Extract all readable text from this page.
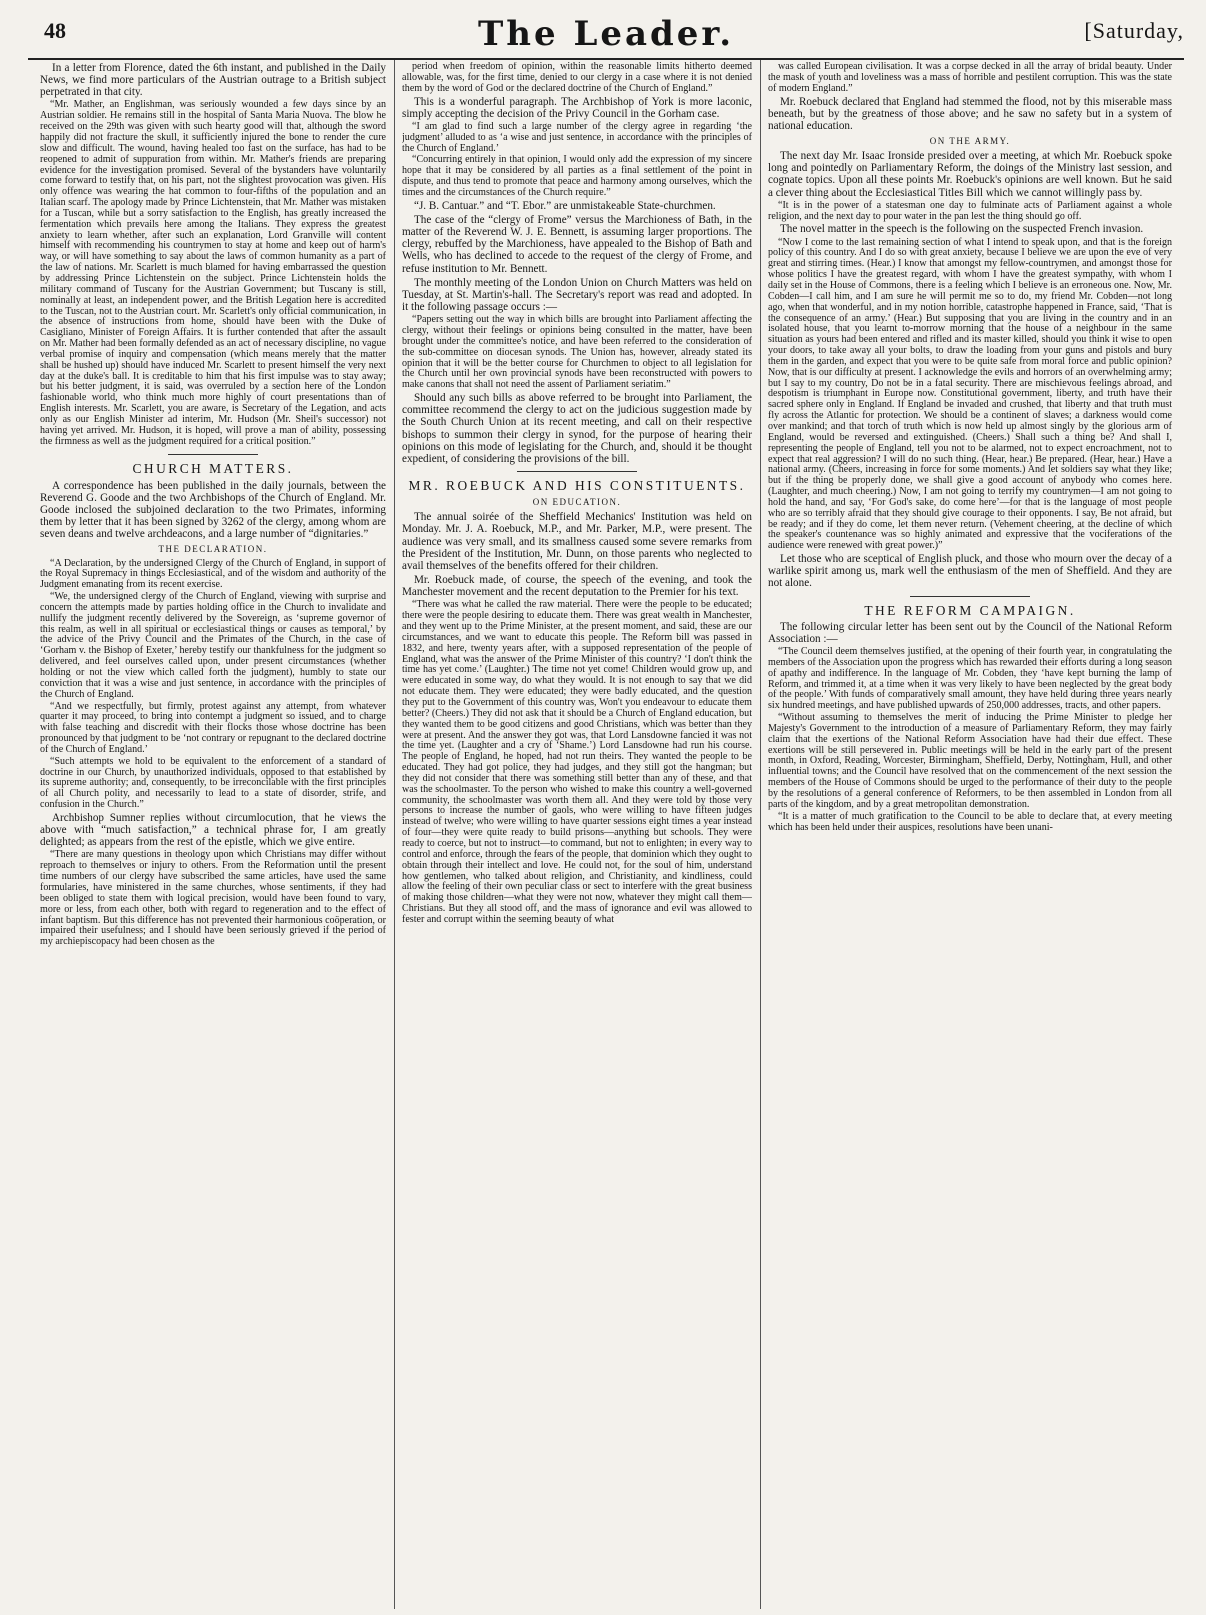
48	The Leader.	[Saturday,

In a letter from Florence, dated the 6th instant, and published in the Daily News, we find more particulars of the Austrian outrage to a British subject perpetrated in that city.

“Mr. Mather, an Englishman, was seriously wounded a few days since by an Austrian soldier. He remains still in the hospital of Santa Maria Nuova. The blow he received on the 29th was given with such hearty good will that, although the sword happily did not fracture the skull, it sufficiently injured the bone to render the cure slow and difficult. The wound, having healed too fast on the surface, has had to be reopened to admit of suppuration from within. Mr. Mather's friends are preparing evidence for the investigation promised. Several of the bystanders have voluntarily come forward to testify that, on his part, not the slightest provocation was given. His only offence was wearing the hat common to four-fifths of the population and an Italian scarf. The apology made by Prince Lichtenstein, that Mr. Mather was mistaken for a Tuscan, while but a sorry satisfaction to the English, has greatly increased the fermentation which prevails here among the Italians. They express the greatest anxiety to learn whether, after such an explanation, Lord Granville will content himself with recommending his countrymen to stay at home and keep out of harm's way, or will have something to say about the laws of common humanity as a part of the law of nations. Mr. Scarlett is much blamed for having embarrassed the question by addressing Prince Lichtenstein on the subject. Prince Lichtenstein holds the military command of Tuscany for the Austrian Government; but Tuscany is still, nominally at least, an independent power, and the British Legation here is accredited to the Tuscan, not to the Austrian court. Mr. Scarlett's only official communication, in the absence of instructions from home, should have been with the Duke of Casigliano, Minister of Foreign Affairs. It is further contended that after the assault on Mr. Mather had been formally defended as an act of necessary discipline, no vague verbal promise of inquiry and compensation (which means merely that the matter shall be hushed up) should have induced Mr. Scarlett to present himself the very next day at the duke's ball. It is creditable to him that his first impulse was to stay away; but his better judgment, it is said, was overruled by a section here of the London fashionable world, who think much more highly of court presentations than of English interests. Mr. Scarlett, you are aware, is Secretary of the Legation, and acts only as our English Minister ad interim, Mr. Hudson (Mr. Sheil's successor) not having yet arrived. Mr. Hudson, it is hoped, will prove a man of ability, possessing the firmness as well as the judgment required for a critical position.”

CHURCH MATTERS.

A correspondence has been published in the daily journals, between the Reverend G. Goode and the two Archbishops of the Church of England. Mr. Goode inclosed the subjoined declaration to the two Primates, informing them by letter that it has been signed by 3262 of the clergy, among whom are seven deans and twelve archdeacons, and a large number of “dignitaries.”

THE DECLARATION.

“A Declaration, by the undersigned Clergy of the Church of England, in support of the Royal Supremacy in things Ecclesiastical, and of the wisdom and authority of the Judgment emanating from its recent exercise.

“We, the undersigned clergy of the Church of England, viewing with surprise and concern the attempts made by parties holding office in the Church to invalidate and nullify the judgment recently delivered by the Sovereign, as ‘supreme governor of this realm, as well in all spiritual or ecclesiastical things or causes as temporal,’ by the advice of the Privy Council and the Primates of the Church, in the case of ‘Gorham v. the Bishop of Exeter,’ hereby testify our thankfulness for the judgment so delivered, and feel ourselves called upon, under present circumstances (whether holding or not the view which called forth the judgment), humbly to state our conviction that it was a wise and just sentence, in accordance with the principles of the Church of England.

“And we respectfully, but firmly, protest against any attempt, from whatever quarter it may proceed, to bring into contempt a judgment so issued, and to charge with false teaching and discredit with their flocks those whose doctrine has been pronounced by that judgment to be ‘not contrary or repugnant to the declared doctrine of the Church of England.’

“Such attempts we hold to be equivalent to the enforcement of a standard of doctrine in our Church, by unauthorized individuals, opposed to that established by its supreme authority; and, consequently, to be irreconcilable with the first principles of all Church polity, and necessarily to lead to a state of disorder, strife, and confusion in the Church.”

Archbishop Sumner replies without circumlocution, that he views the above with “much satisfaction,” a technical phrase for, I am greatly delighted; as appears from the rest of the epistle, which we give entire.

“There are many questions in theology upon which Christians may differ without reproach to themselves or injury to others. From the Reformation until the present time numbers of our clergy have subscribed the same articles, have used the same formularies, have ministered in the same churches, whose sentiments, if they had been obliged to state them with logical precision, would have been found to vary, more or less, from each other, both with regard to regeneration and to the effect of infant baptism. But this difference has not prevented their harmonious coöperation, or impaired their usefulness; and I should have been seriously grieved if the period of my archiepiscopacy had been chosen as the

period when freedom of opinion, within the reasonable limits hitherto deemed allowable, was, for the first time, denied to our clergy in a case where it is not denied them by the word of God or the declared doctrine of the Church of England.”

This is a wonderful paragraph. The Archbishop of York is more laconic, simply accepting the decision of the Privy Council in the Gorham case.

“I am glad to find such a large number of the clergy agree in regarding ‘the judgment’ alluded to as ‘a wise and just sentence, in accordance with the principles of the Church of England.’

“Concurring entirely in that opinion, I would only add the expression of my sincere hope that it may be considered by all parties as a final settlement of the point in dispute, and thus tend to promote that peace and harmony among ourselves, which the times and the circumstances of the Church require.”

“J. B. Cantuar.” and “T. Ebor.” are unmistakeable State-churchmen.

The case of the “clergy of Frome” versus the Marchioness of Bath, in the matter of the Reverend W. J. E. Bennett, is assuming larger proportions. The clergy, rebuffed by the Marchioness, have appealed to the Bishop of Bath and Wells, who has declined to accede to the request of the clergy of Frome, and refuse institution to Mr. Bennett.

The monthly meeting of the London Union on Church Matters was held on Tuesday, at St. Martin's-hall. The Secretary's report was read and adopted. In it the following passage occurs :—

“Papers setting out the way in which bills are brought into Parliament affecting the clergy, without their feelings or opinions being consulted in the matter, have been brought under the committee's notice, and have been referred to the consideration of the sub-committee on diocesan synods. The Union has, however, already stated its opinion that it will be the better course for Churchmen to object to all legislation for the Church until her own provincial synods have been reconstructed with powers to make canons that shall not need the assent of Parliament seriatim.”

Should any such bills as above referred to be brought into Parliament, the committee recommend the clergy to act on the judicious suggestion made by the South Church Union at its recent meeting, and call on their respective bishops to summon their clergy in synod, for the purpose of hearing their opinions on this mode of legislating for the Church, and, should it be thought expedient, of considering the provisions of the bill.

MR. ROEBUCK AND HIS CONSTITUENTS.
ON EDUCATION.

The annual soirée of the Sheffield Mechanics' Institution was held on Monday. Mr. J. A. Roebuck, M.P., and Mr. Parker, M.P., were present. The audience was very small, and its smallness caused some severe remarks from the President of the Institution, Mr. Dunn, on those parents who neglected to avail themselves of the benefits offered for their children.

Mr. Roebuck made, of course, the speech of the evening, and took the Manchester movement and the recent deputation to the Premier for his text.

“There was what he called the raw material. There were the people to be educated; there were the people desiring to educate them. There was great wealth in Manchester, and they went up to the Prime Minister, at the present moment, and said, these are our circumstances, and we want to educate this people. The Reform bill was passed in 1832, and here, twenty years after, with a supposed representation of the people of England, what was the answer of the Prime Minister of this country? ‘I don't think the time has yet come.’ (Laughter.) The time not yet come! Children would grow up, and were educated in some way, do what they would. It is not enough to say that we did not educate them. They were educated; they were badly educated, and the question they put to the Government of this country was, Won't you endeavour to educate them better? (Cheers.) They did not ask that it should be a Church of England education, but they wanted them to be good citizens and good Christians, which was better than they were at present. And the answer they got was, that Lord Lansdowne fancied it was not the time yet. (Laughter and a cry of ‘Shame.’) Lord Lansdowne had run his course. The people of England, he hoped, had not run theirs. They wanted the people to be educated. They had got police, they had judges, and they still got the hangman; but they did not consider that there was something still better than any of these, and that was the schoolmaster. To the person who wished to make this country a well-governed community, the schoolmaster was worth them all. And they were told by those very persons to increase the number of gaols, who were willing to have fifteen judges instead of twelve; who were willing to have quarter sessions eight times a year instead of four—they were quite ready to build prisons—anything but schools. They were ready to coerce, but not to instruct—to command, but not to enlighten; in every way to control and enforce, through the fears of the people, that dominion which they ought to obtain through their intellect and love. He could not, for the soul of him, understand how gentlemen, who talked about religion, and Christianity, and kindliness, could allow the feeling of their own peculiar class or sect to interfere with the great business of making those children—what they were not now, whatever they might call them—Christians. But they all stood off, and the mass of ignorance and evil was allowed to fester and corrupt within the seeming beauty of what

was called European civilisation. It was a corpse decked in all the array of bridal beauty. Under the mask of youth and loveliness was a mass of horrible and pestilent corruption. This was the state of modern England.”

Mr. Roebuck declared that England had stemmed the flood, not by this miserable mass beneath, but by the greatness of those above; and he saw no safety but in a system of national education.

ON THE ARMY.

The next day Mr. Isaac Ironside presided over a meeting, at which Mr. Roebuck spoke long and pointedly on Parliamentary Reform, the doings of the Ministry last session, and cognate topics. Upon all these points Mr. Roebuck's opinions are well known. But he said a clever thing about the Ecclesiastical Titles Bill which we cannot willingly pass by.

“It is in the power of a statesman one day to fulminate acts of Parliament against a whole religion, and the next day to pour water in the pan lest the thing should go off.

The novel matter in the speech is the following on the suspected French invasion.

“Now I come to the last remaining section of what I intend to speak upon, and that is the foreign policy of this country. And I do so with great anxiety, because I believe we are upon the eve of very great and stirring times. (Hear.) I know that amongst my fellow-countrymen, and amongst those for whose politics I have the greatest regard, with whom I have the greatest sympathy, with whom I daily set in the House of Commons, there is a feeling which I believe is an erroneous one. Now, Mr. Cobden—I call him, and I am sure he will permit me so to do, my friend Mr. Cobden—not long ago, when that wonderful, and in my notion horrible, catastrophe happened in France, said, ‘That is the consequence of an army.’ (Hear.) But supposing that you are living in the country and in an isolated house, that you learnt to-morrow morning that the house of a neighbour in the same situation as yours had been entered and rifled and its master killed, should you think it wise to open your doors, to take away all your bolts, to draw the loading from your guns and pistols and bury them in the garden, and expect that you were to be quite safe from moral force and public opinion? Now, that is our difficulty at present. I acknowledge the evils and horrors of an overwhelming army; but I say to my country, Do not be in a fatal security. There are mischievous feelings abroad, and despotism is triumphant in Europe now. Constitutional government, liberty, and truth have their sacred sphere only in England. If England be invaded and crushed, that liberty and that truth must fly across the Atlantic for protection. We should be a continent of slaves; a darkness would come over mankind; and that torch of truth which is now held up almost singly by the glorious arm of England, would be reversed and extinguished. (Cheers.) Shall such a thing be? And shall I, representing the people of England, tell you not to be alarmed, not to expect encroachment, not to expect that real aggression? I will do no such thing. (Hear, hear.) Be prepared. (Hear, hear.) Have a national army. (Cheers, increasing in force for some moments.) And let soldiers say what they like; but if the thing be properly done, we shall give a good account of anybody who comes here. (Laughter, and much cheering.) Now, I am not going to terrify my countrymen—I am not going to hold the hand, and say, ‘For God's sake, do come here’—for that is the language of most people who are so terribly afraid that they should give courage to their opponents. I say, Be not afraid, but be ready; and if they do come, let them never return. (Vehement cheering, at the decline of which the speaker's countenance was so highly animated and expressive that the vociferations of the audience were renewed with great power.)”

Let those who are sceptical of English pluck, and those who mourn over the decay of a warlike spirit among us, mark well the enthusiasm of the men of Sheffield. And they are not alone.

THE REFORM CAMPAIGN.

The following circular letter has been sent out by the Council of the National Reform Association :—

“The Council deem themselves justified, at the opening of their fourth year, in congratulating the members of the Association upon the progress which has rewarded their efforts during a long season of apathy and indifference. In the language of Mr. Cobden, they ‘have kept burning the lamp of Reform, and trimmed it, at a time when it was very likely to have been neglected by the great body of the people.’ With funds of comparatively small amount, they have held during three years nearly six hundred meetings, and have published upwards of 250,000 addresses, tracts, and other papers.

“Without assuming to themselves the merit of inducing the Prime Minister to pledge her Majesty's Government to the introduction of a measure of Parliamentary Reform, they may fairly claim that the exertions of the National Reform Association have had their due effect. These exertions will be still persevered in. Public meetings will be held in the early part of the present month, in Oxford, Reading, Worcester, Birmingham, Sheffield, Derby, Nottingham, Hull, and other influential towns; and the Council have resolved that on the commencement of the next session the members of the House of Commons should be urged to the performance of their duty to the people by the resolutions of a general conference of Reformers, to be then assembled in London from all parts of the kingdom, and by a great metropolitan demonstration.

“It is a matter of much gratification to the Council to be able to declare that, at every meeting which has been held under their auspices, resolutions have been unani-
